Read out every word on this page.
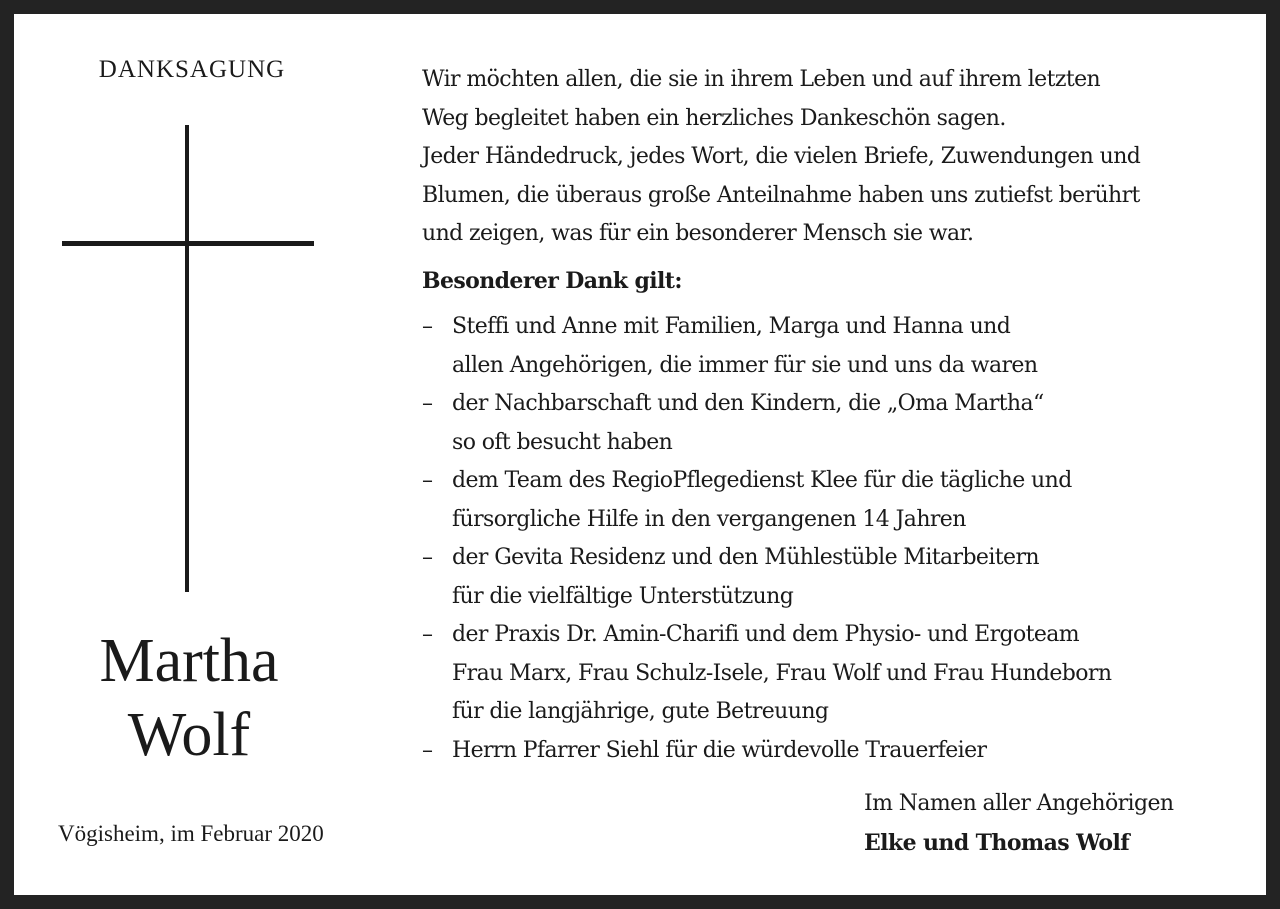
DANKSAGUNG
Martha
Wolf
Vögisheim, im Februar 2020

Wir möchten allen, die sie in ihrem Leben und auf ihrem letzten

Weg begleitet haben ein herzliches Dankeschön sagen.

Jeder Händedruck, jedes Wort, die vielen Briefe, Zuwendungen und

Blumen, die überaus große Anteilnahme haben uns zutiefst berührt

und zeigen, was für ein besonderer Mensch sie war.

Besonderer Dank gilt:
– Steffi und Anne mit Familien, Marga und Hanna und
allen Angehörigen, die immer für sie und uns da waren
– der Nachbarschaft und den Kindern, die „Oma Martha“
so oft besucht haben
– dem Team des RegioPflegedienst Klee für die tägliche und
fürsorgliche Hilfe in den vergangenen 14 Jahren
– der Gevita Residenz und den Mühlestüble Mitarbeitern
für die vielfältige Unterstützung
– der Praxis Dr. Amin-Charifi und dem Physio- und Ergoteam
Frau Marx, Frau Schulz-Isele, Frau Wolf und Frau Hundeborn
für die langjährige, gute Betreuung
– Herrn Pfarrer Siehl für die würdevolle Trauerfeier
Im Namen aller Angehörigen
Elke und Thomas Wolf
